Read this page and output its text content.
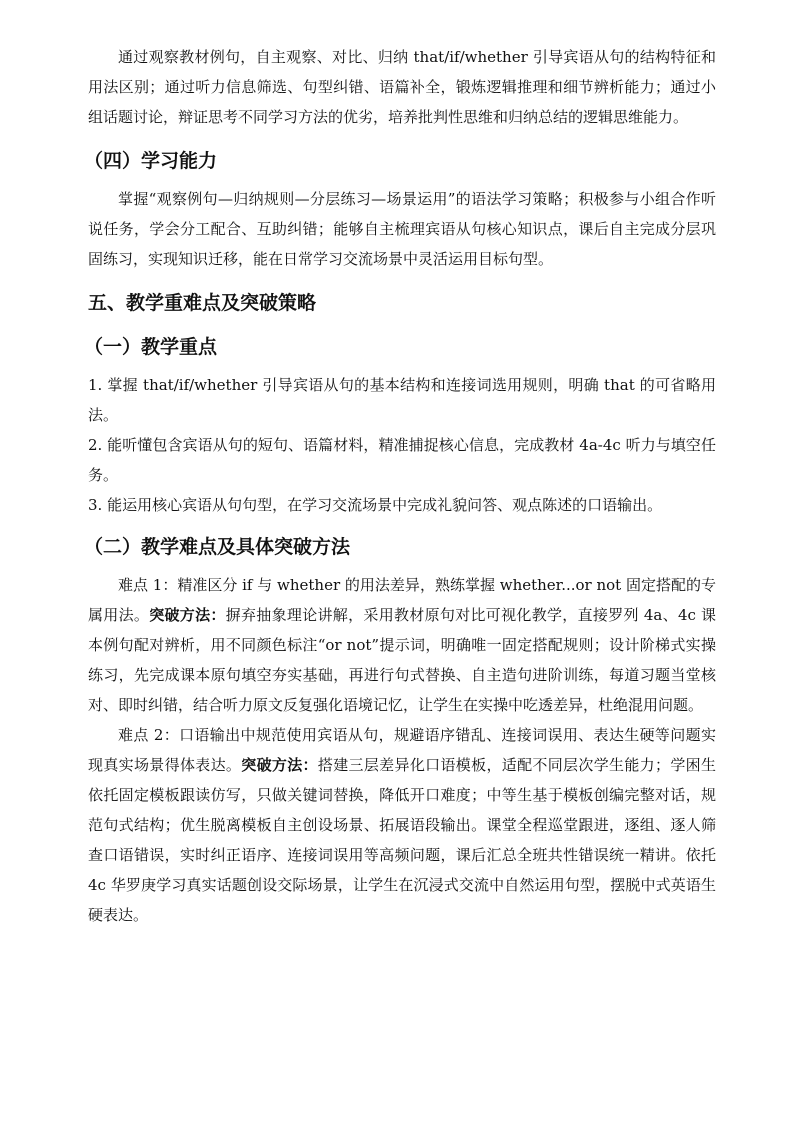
通过观察教材例句，自主观察、对比、归纳 that/if/whether 引导宾语从句的结构特征和用法区别；通过听力信息筛选、句型纠错、语篇补全，锻炼逻辑推理和细节辨析能力；通过小组话题讨论，辩证思考不同学习方法的优劣，培养批判性思维和归纳总结的逻辑思维能力。

（四）学习能力

掌握“观察例句—归纳规则—分层练习—场景运用”的语法学习策略；积极参与小组合作听说任务，学会分工配合、互助纠错；能够自主梳理宾语从句核心知识点，课后自主完成分层巩固练习，实现知识迁移，能在日常学习交流场景中灵活运用目标句型。

五、教学重难点及突破策略
（一）教学重点

1. 掌握 that/if/whether 引导宾语从句的基本结构和连接词选用规则，明确 that 的可省略用法。

2. 能听懂包含宾语从句的短句、语篇材料，精准捕捉核心信息，完成教材 4a-4c 听力与填空任务。

3. 能运用核心宾语从句句型，在学习交流场景中完成礼貌问答、观点陈述的口语输出。

（二）教学难点及具体突破方法

难点 1：精准区分 if 与 whether 的用法差异，熟练掌握 whether...or not 固定搭配的专属用法。突破方法：摒弃抽象理论讲解，采用教材原句对比可视化教学，直接罗列 4a、4c 课本例句配对辨析，用不同颜色标注“or not”提示词，明确唯一固定搭配规则；设计阶梯式实操练习，先完成课本原句填空夯实基础，再进行句式替换、自主造句进阶训练，每道习题当堂核对、即时纠错，结合听力原文反复强化语境记忆，让学生在实操中吃透差异，杜绝混用问题。

难点 2：口语输出中规范使用宾语从句，规避语序错乱、连接词误用、表达生硬等问题实现真实场景得体表达。突破方法：搭建三层差异化口语模板，适配不同层次学生能力；学困生依托固定模板跟读仿写，只做关键词替换，降低开口难度；中等生基于模板创编完整对话，规范句式结构；优生脱离模板自主创设场景、拓展语段输出。课堂全程巡堂跟进，逐组、逐人筛查口语错误，实时纠正语序、连接词误用等高频问题，课后汇总全班共性错误统一精讲。依托 4c 华罗庚学习真实话题创设交际场景，让学生在沉浸式交流中自然运用句型，摆脱中式英语生硬表达。
